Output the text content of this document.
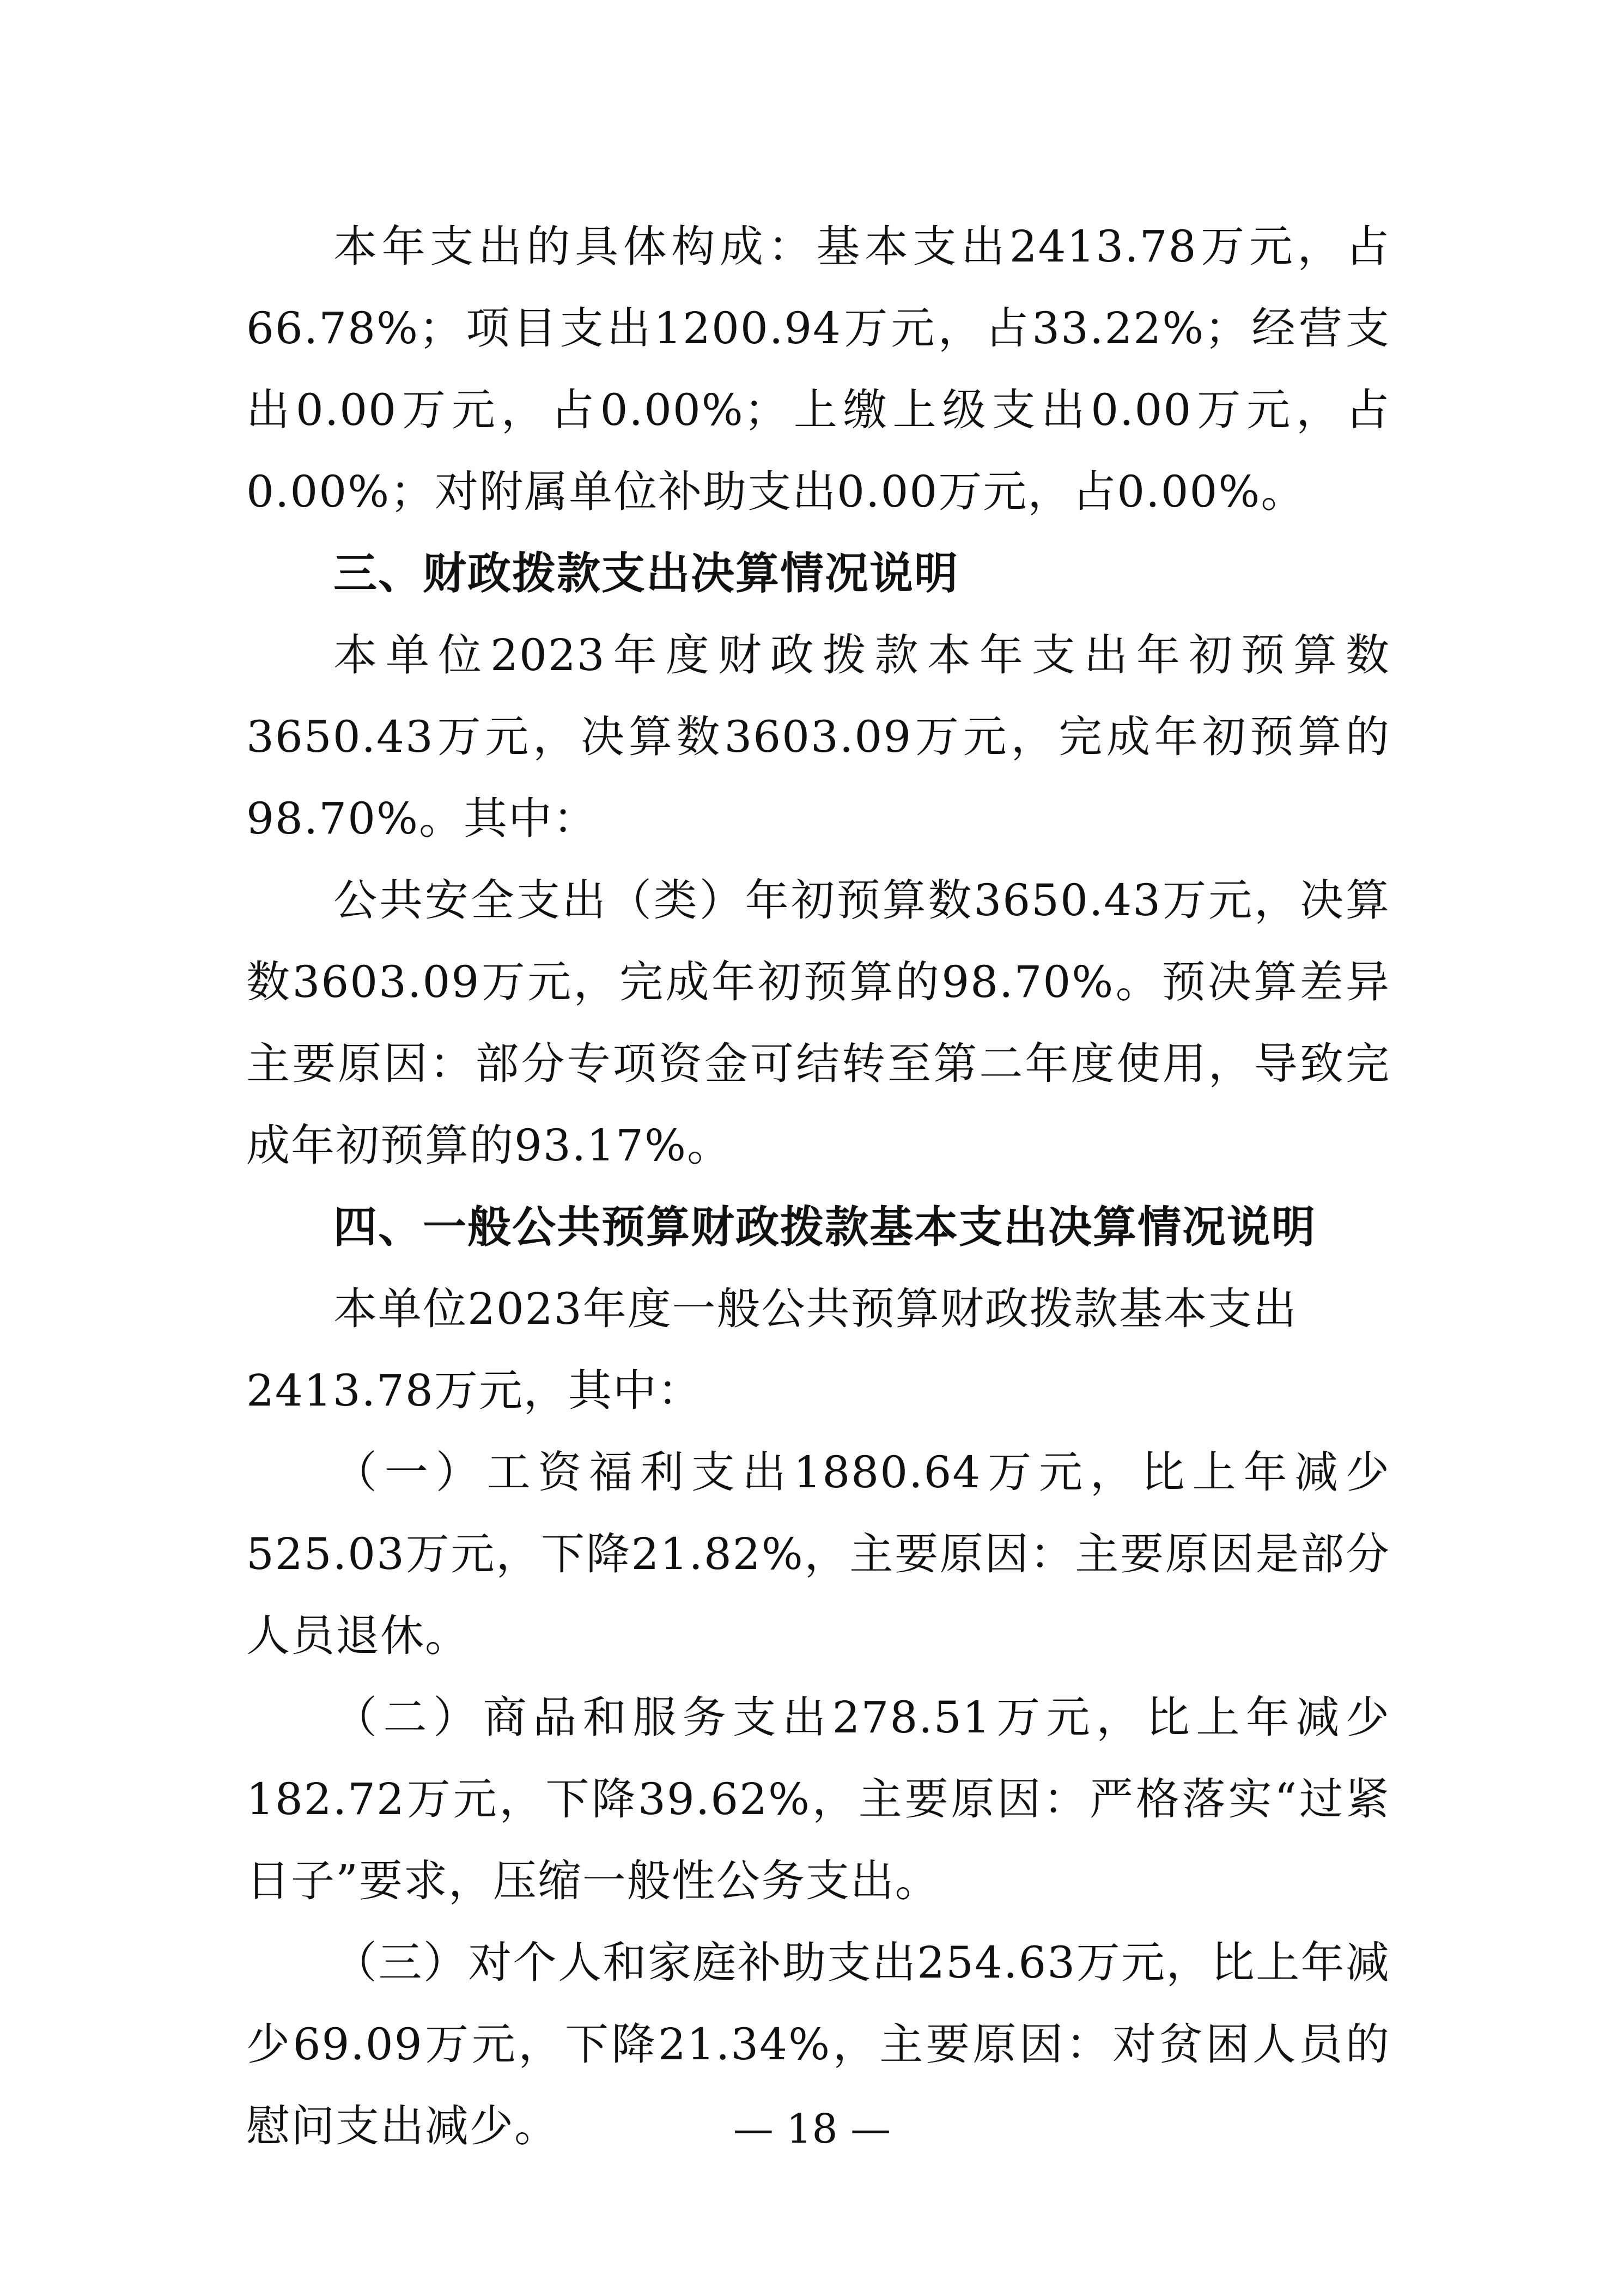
本年支出的具体构成：基本支出2413.78万元，占66.78%；项目支出1200.94万元，占33.22%；经营支出0.00万元，占0.00%；上缴上级支出0.00万元，占0.00%；对附属单位补助支出0.00万元，占0.00%。

三、财政拨款支出决算情况说明

本单位2023年度财政拨款本年支出年初预算数3650.43万元，决算数3603.09万元，完成年初预算的98.70%。其中：

公共安全支出（类）年初预算数3650.43万元，决算数3603.09万元，完成年初预算的98.70%。预决算差异主要原因：部分专项资金可结转至第二年度使用，导致完成年初预算的93.17%。

四、一般公共预算财政拨款基本支出决算情况说明

本单位2023年度一般公共预算财政拨款基本支出

2413.78万元，其中：

（一）工资福利支出1880.64万元，比上年减少525.03万元，下降21.82%，主要原因：主要原因是部分人员退休。

（二）商品和服务支出278.51万元，比上年减少182.72万元，下降39.62%，主要原因：严格落实“过紧日子”要求，压缩一般性公务支出。

（三）对个人和家庭补助支出254.63万元，比上年减少69.09万元，下降21.34%，主要原因：对贫困人员的慰问支出减少。	— 18 —
